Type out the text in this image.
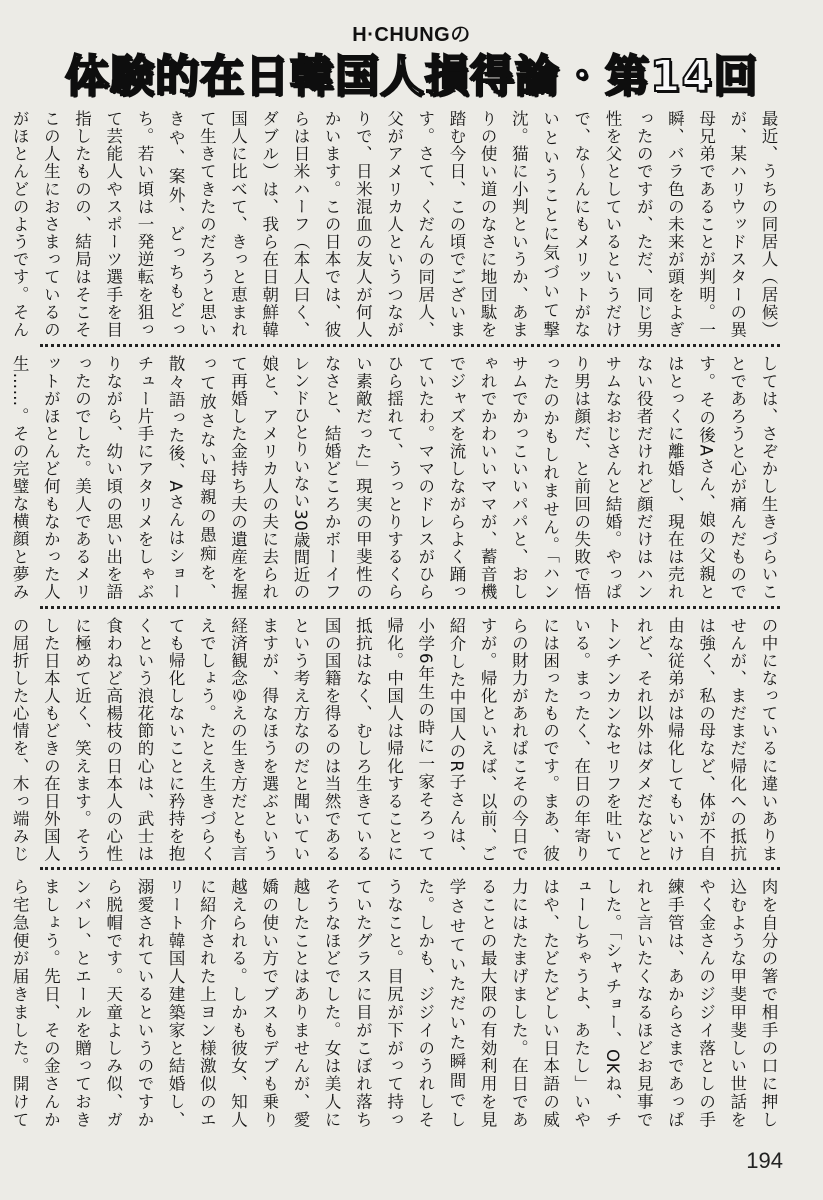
H·CHUNGの
体験的在日韓国人損得論・第14回
最近、うちの同居人（居候）が、某ハリウッドスターの異母兄弟であることが判明。一瞬、バラ色の未来が頭をよぎったのですが、ただ、同じ男性を父としているというだけで、な〜んにもメリットがないということに気づいて撃沈。猫に小判というか、あまりの使い道のなさに地団駄を踏む今日、この頃でございます。さて、くだんの同居人、父がアメリカ人というつながりで、日米混血の友人が何人かいます。この日本では、彼らは日米ハーフ（本人曰く、ダブル）は、我ら在日朝鮮韓国人に比べて、きっと恵まれて生きてきたのだろうと思いきや、案外、どっちもどっち。若い頃は一発逆転を狙って芸能人やスポーツ選手を目指したものの、結局はそこそこの人生におさまっているのがほとんどのようです。そん
しては、さぞかし生きづらいことであろうと心が痛んだものです。その後Aさん、娘の父親とはとっくに離婚し、現在は売れない役者だけれど顔だけはハンサムなおじさんと結婚。やっぱり男は顔だ、と前回の失敗で悟ったのかもしれません。「ハンサムでかっこいいパパと、おしゃれでかわいいママが、蓄音機でジャズを流しながらよく踊っていたわ。ママのドレスがひらひら揺れて、うっとりするくらい素敵だった」現実の甲斐性のなさと、結婚どころかボーイフレンドひとりいない30歳間近の娘と、アメリカ人の夫に去られて再婚した金持ち夫の遺産を握って放さない母親の愚痴を、散々語った後、Aさんはショーチュー片手にアタリメをしゃぶりながら、幼い頃の思い出を語ったのでした。美人であるメリットがほとんど何もなかった人生……。その完璧な横顔と夢み
の中になっているに違いありませんが、まだまだ帰化への抵抗は強く、私の母など、体が不自由な従弟がは帰化してもいいけれど、それ以外はダメだなどとトンチンカンなセリフを吐いている。まったく、在日の年寄りには困ったものです。まあ、彼らの財力があればこその今日ですが。帰化といえば、以前、ご紹介した中国人のR子さんは、小学6年生の時に一家そろって帰化。中国人は帰化することに抵抗はなく、むしろ生きている国の国籍を得るのは当然であるという考え方なのだと聞いていますが、得なほうを選ぶという経済観念ゆえの生き方だとも言えでしょう。たとえ生きづらくても帰化しないことに矜持を抱くという浪花節的心は、武士は食わねど高楊枝の日本人の心性に極めて近く、笑えます。そうした日本人もどきの在日外国人の屈折した心情を、木っ端みじ
肉を自分の箸で相手の口に押し込むような甲斐甲斐しい世話をやく金さんのジジイ落としの手練手管は、あからさまであっぱれと言いたくなるほどお見事でした。「シャチョー、OKね、チューしちゃうよ、あたし」いやはや、たどたどしい日本語の威力にはたまげました。在日であることの最大限の有効利用を見学させていただいた瞬間でした。しかも、ジジイのうれしそうなこと。目尻が下がって持っていたグラスに目がこぼれ落ちそうなほどでした。女は美人に越したことはありませんが、愛嬌の使い方でブスもデブも乗り越えられる。しかも彼女、知人に紹介された上ヨン様激似のエリート韓国人建築家と結婚し、溺愛されているというのですから脱帽です。天童よしみ似、ガンバレ、とエールを贈っておきましょう。先日、その金さんから宅急便が届きました。開けて
194
